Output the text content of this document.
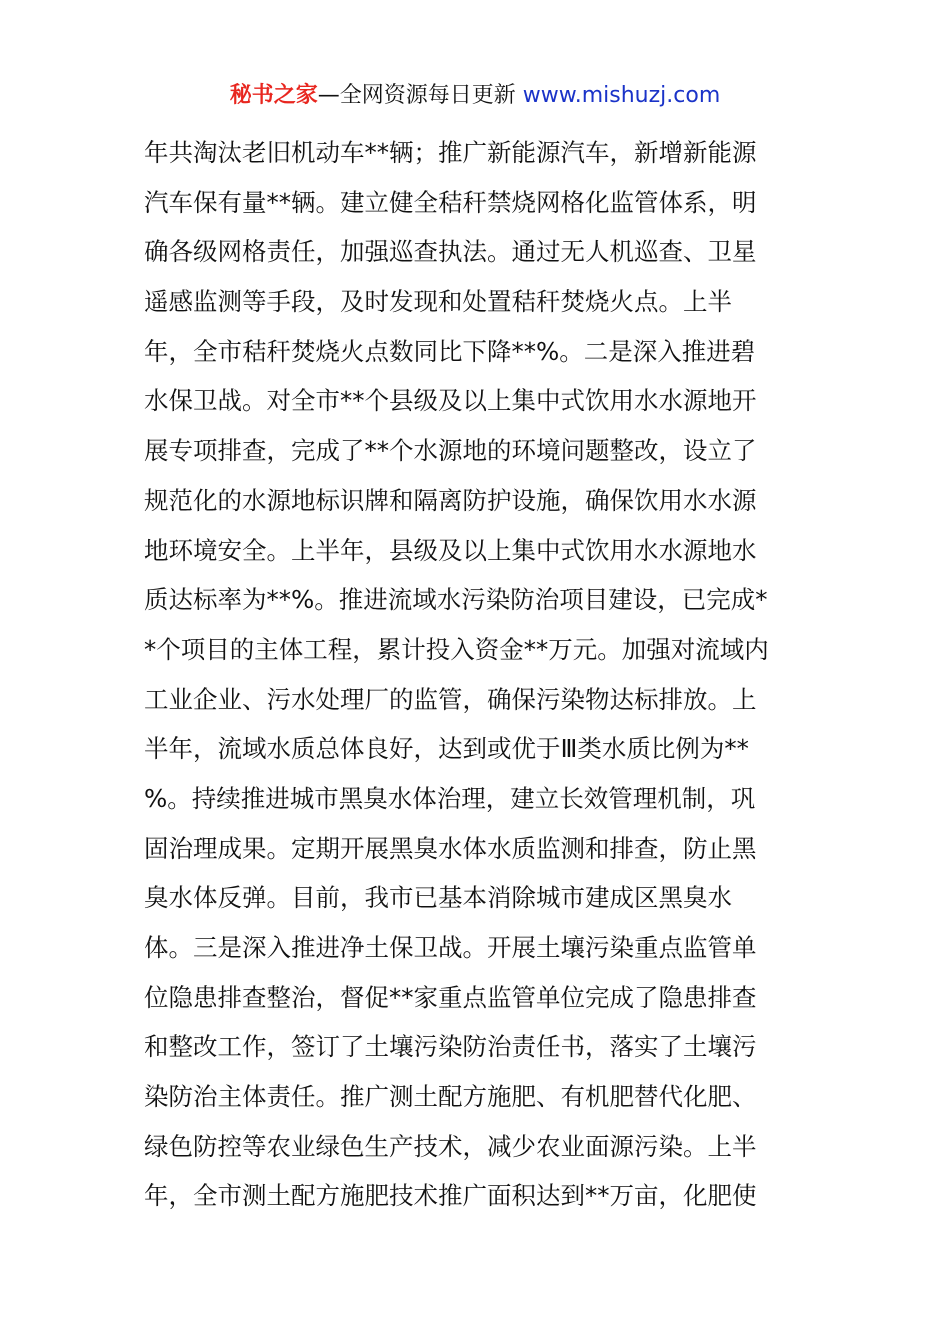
秘书之家—全网资源每日更新 www.mishuzj.com
年共淘汰老旧机动车**辆；推广新能源汽车，新增新能源
汽车保有量**辆。建立健全秸秆禁烧网格化监管体系，明
确各级网格责任，加强巡查执法。通过无人机巡查、卫星
遥感监测等手段，及时发现和处置秸秆焚烧火点。上半
年，全市秸秆焚烧火点数同比下降**%。二是深入推进碧
水保卫战。对全市**个县级及以上集中式饮用水水源地开
展专项排查，完成了**个水源地的环境问题整改，设立了
规范化的水源地标识牌和隔离防护设施，确保饮用水水源
地环境安全。上半年，县级及以上集中式饮用水水源地水
质达标率为**%。推进流域水污染防治项目建设，已完成*
*个项目的主体工程，累计投入资金**万元。加强对流域内
工业企业、污水处理厂的监管，确保污染物达标排放。上
半年，流域水质总体良好，达到或优于Ⅲ类水质比例为**
%。持续推进城市黑臭水体治理，建立长效管理机制，巩
固治理成果。定期开展黑臭水体水质监测和排查，防止黑
臭水体反弹。目前，我市已基本消除城市建成区黑臭水
体。三是深入推进净土保卫战。开展土壤污染重点监管单
位隐患排查整治，督促**家重点监管单位完成了隐患排查
和整改工作，签订了土壤污染防治责任书，落实了土壤污
染防治主体责任。推广测土配方施肥、有机肥替代化肥、
绿色防控等农业绿色生产技术，减少农业面源污染。上半
年，全市测土配方施肥技术推广面积达到**万亩，化肥使
